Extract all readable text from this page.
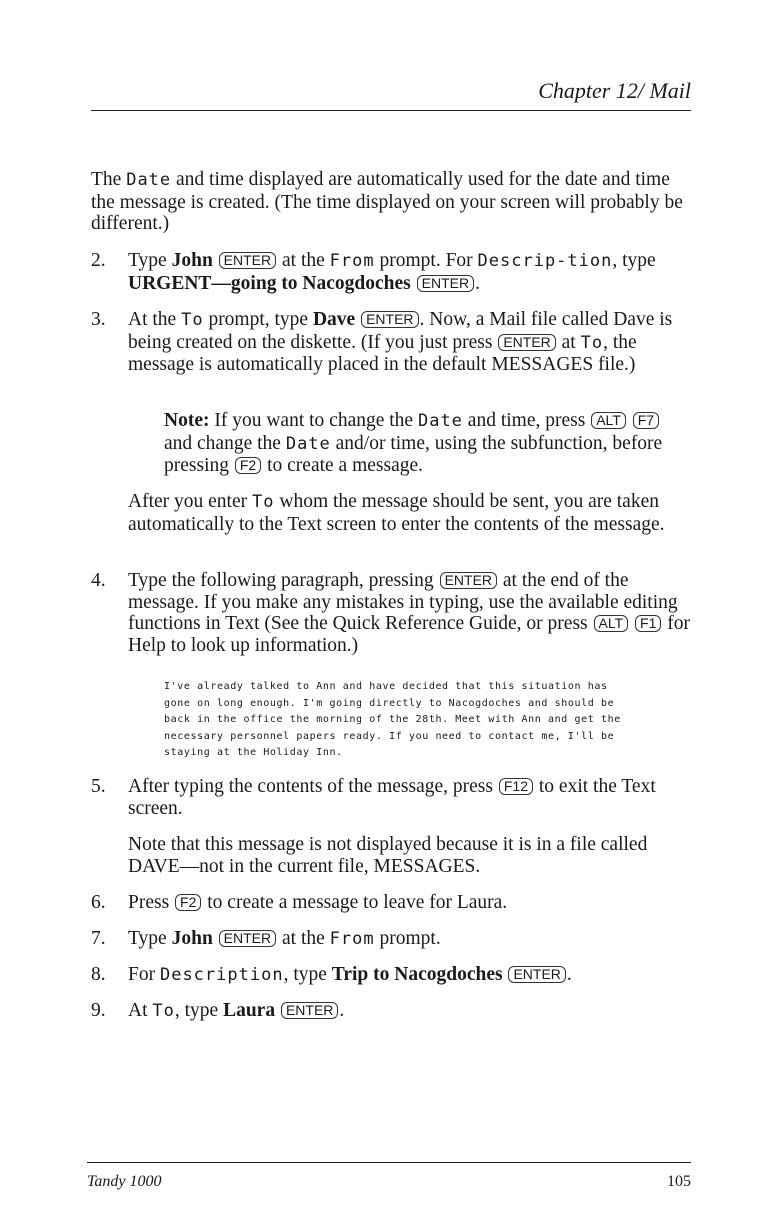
Chapter 12/ Mail

The Date and time displayed are automatically used for the date and time the message is created. (The time displayed on your screen will probably be different.)

2.	Type John ENTER at the From prompt. For Descrip-tion, type URGENT—going to Nacogdoches ENTER .

3.	At the To prompt, type Dave ENTER . Now, a Mail file called Dave is being created on the diskette. (If you just press ENTER at To, the message is automatically placed in the default MESSAGES file.)

Note: If you want to change the Date and time, press ALT F7 and change the Date and/or time, using the subfunction, before pressing F2 to create a message.

After you enter To whom the message should be sent, you are taken automatically to the Text screen to enter the contents of the message.

4.	Type the following paragraph, pressing ENTER at the end of the message. If you make any mistakes in typing, use the available editing functions in Text (See the Quick Reference Guide, or press ALT F1 for Help to look up information.)

I've already talked to Ann and have decided that this situation has
gone on long enough. I'm going directly to Nacogdoches and should be
back in the office the morning of the 28th. Meet with Ann and get the
necessary personnel papers ready. If you need to contact me, I'll be
staying at the Holiday Inn.
5.	After typing the contents of the message, press F12 to exit the Text screen.

Note that this message is not displayed because it is in a file called DAVE—not in the current file, MESSAGES.

6.	Press F2 to create a message to leave for Laura.

7.	Type John ENTER at the From prompt.

8.	For Description, type Trip to Nacogdoches ENTER .

9.	At To, type Laura ENTER .

Tandy 1000	105
